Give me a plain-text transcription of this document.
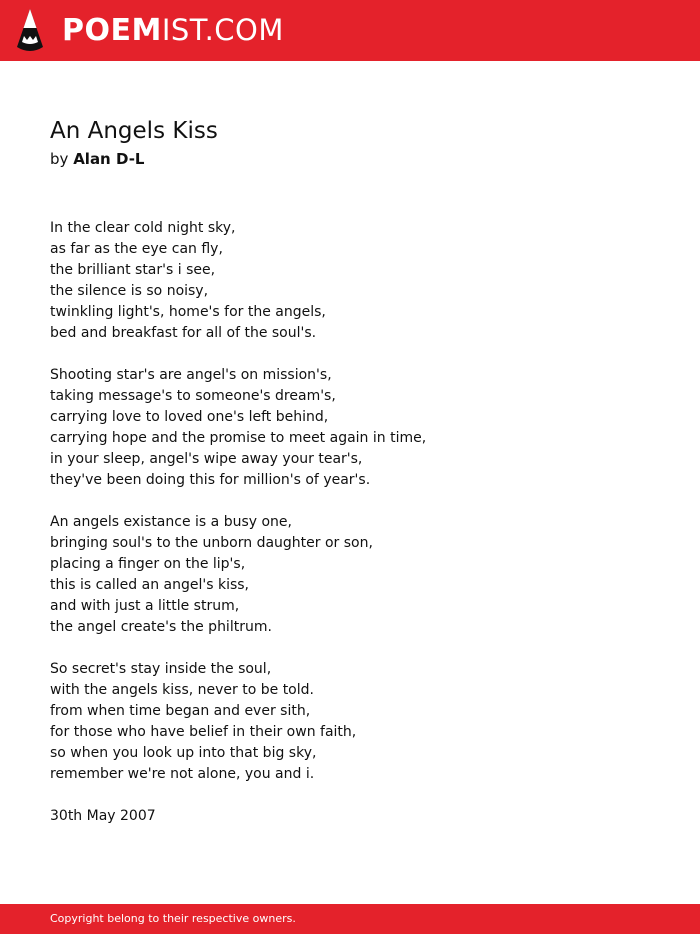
POEMIST.COM
An Angels Kiss
by Alan D-L
In the clear cold night sky,
as far as the eye can fly,
the brilliant star's i see,
the silence is so noisy,
twinkling light's, home's for the angels,
bed and breakfast for all of the soul's.
Shooting star's are angel's on mission's,
taking message's to someone's dream's,
carrying love to loved one's left behind,
carrying hope and the promise to meet again in time,
in your sleep, angel's wipe away your tear's,
they've been doing this for million's of year's.
An angels existance is a busy one,
bringing soul's to the unborn daughter or son,
placing a finger on the lip's,
this is called an angel's kiss,
and with just a little strum,
the angel create's the philtrum.
So secret's stay inside the soul,
with the angels kiss, never to be told.
from when time began and ever sith,
for those who have belief in their own faith,
so when you look up into that big sky,
remember we're not alone, you and i.
30th May 2007
Copyright belong to their respective owners.
